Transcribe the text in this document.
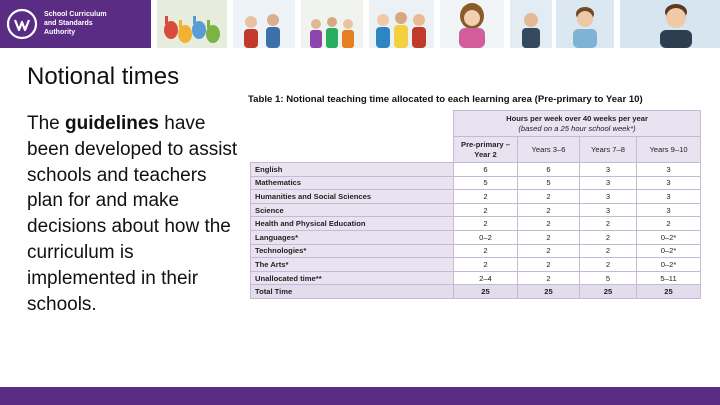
School Curriculum
and Standards
Authority
Notional times

The guidelines have been developed to assist schools and teachers plan for and make decisions about how the curriculum is implemented in their schools.

Table 1: Notional teaching time allocated to each learning area (Pre-primary to Year 10)

	Hours per week over 40 weeks per year
(based on a 25 hour school week*)			

	Pre-primary –Year 2	Years 3–6	Years 7–8	Years 9–10
English	6	6	3	3
Mathematics	5	5	3	3
Humanities and Social Sciences	2	2	3	3
Science	2	2	3	3
Health and Physical Education	2	2	2	2
Languages*	0–2	2	2	0–2*
Technologies*	2	2	2	0–2*
The Arts*	2	2	2	0–2*
Unallocated time**	2–4	2	5	5–11
Total Time	25	25	25	25
